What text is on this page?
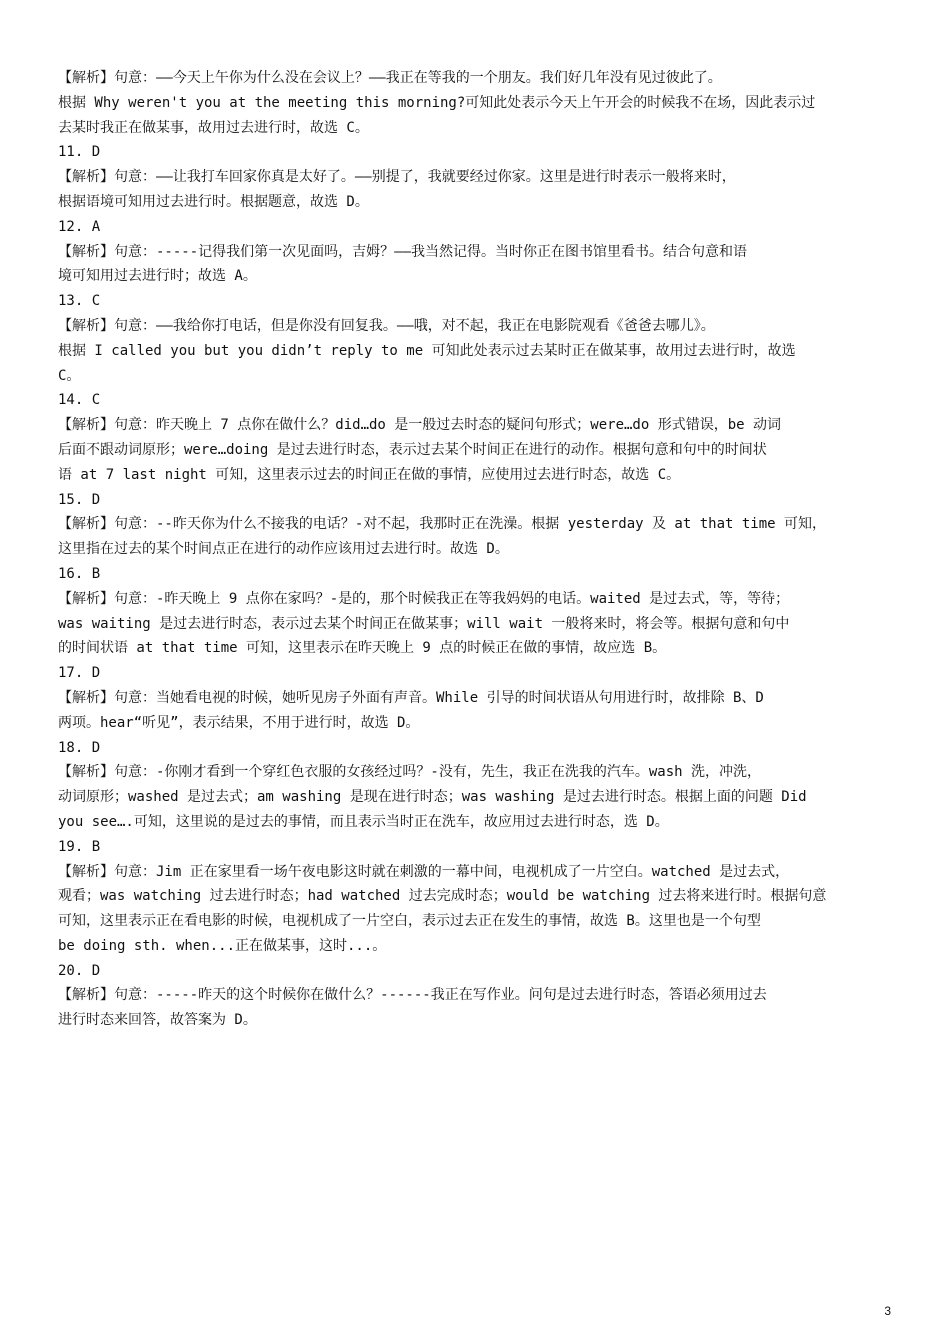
【解析】句意：——今天上午你为什么没在会议上？——我正在等我的一个朋友。我们好几年没有见过彼此了。

根据 Why weren't you at the meeting this morning?可知此处表示今天上午开会的时候我不在场，因此表示过

去某时我正在做某事，故用过去进行时，故选 C。

11. D

【解析】句意：——让我打车回家你真是太好了。——别提了，我就要经过你家。这里是进行时表示一般将来时，

根据语境可知用过去进行时。根据题意，故选 D。

12. A

【解析】句意：-----记得我们第一次见面吗，吉姆？——我当然记得。当时你正在图书馆里看书。结合句意和语

境可知用过去进行时；故选 A。

13. C

【解析】句意：——我给你打电话，但是你没有回复我。——哦，对不起，我正在电影院观看《爸爸去哪儿》。

根据 I called you but you didn’t reply to me 可知此处表示过去某时正在做某事，故用过去进行时，故选

C。

14. C

【解析】句意：昨天晚上 7 点你在做什么？did…do 是一般过去时态的疑问句形式；were…do 形式错误，be 动词

后面不跟动词原形；were…doing 是过去进行时态，表示过去某个时间正在进行的动作。根据句意和句中的时间状

语 at 7 last night 可知，这里表示过去的时间正在做的事情，应使用过去进行时态，故选 C。

15. D

【解析】句意：--昨天你为什么不接我的电话？-对不起，我那时正在洗澡。根据 yesterday 及 at that time 可知，

这里指在过去的某个时间点正在进行的动作应该用过去进行时。故选 D。

16. B

【解析】句意：-昨天晚上 9 点你在家吗？-是的，那个时候我正在等我妈妈的电话。waited 是过去式，等，等待；

was waiting 是过去进行时态，表示过去某个时间正在做某事；will wait 一般将来时，将会等。根据句意和句中

的时间状语 at that time 可知，这里表示在昨天晚上 9 点的时候正在做的事情，故应选 B。

17. D

【解析】句意：当她看电视的时候，她听见房子外面有声音。While 引导的时间状语从句用进行时，故排除 B、D

两项。hear“听见”，表示结果，不用于进行时，故选 D。

18. D

【解析】句意：-你刚才看到一个穿红色衣服的女孩经过吗？-没有，先生，我正在洗我的汽车。wash 洗，冲洗，

动词原形；washed 是过去式；am washing 是现在进行时态；was washing 是过去进行时态。根据上面的问题 Did

you see….可知，这里说的是过去的事情，而且表示当时正在洗车，故应用过去进行时态，选 D。

19. B

【解析】句意：Jim 正在家里看一场午夜电影这时就在刺激的一幕中间，电视机成了一片空白。watched 是过去式，

观看；was watching 过去进行时态；had watched 过去完成时态；would be watching 过去将来进行时。根据句意

可知，这里表示正在看电影的时候，电视机成了一片空白，表示过去正在发生的事情，故选 B。这里也是一个句型

be doing sth. when...正在做某事，这时...。

20. D

【解析】句意：-----昨天的这个时候你在做什么？------我正在写作业。问句是过去进行时态，答语必须用过去

进行时态来回答，故答案为 D。

3
